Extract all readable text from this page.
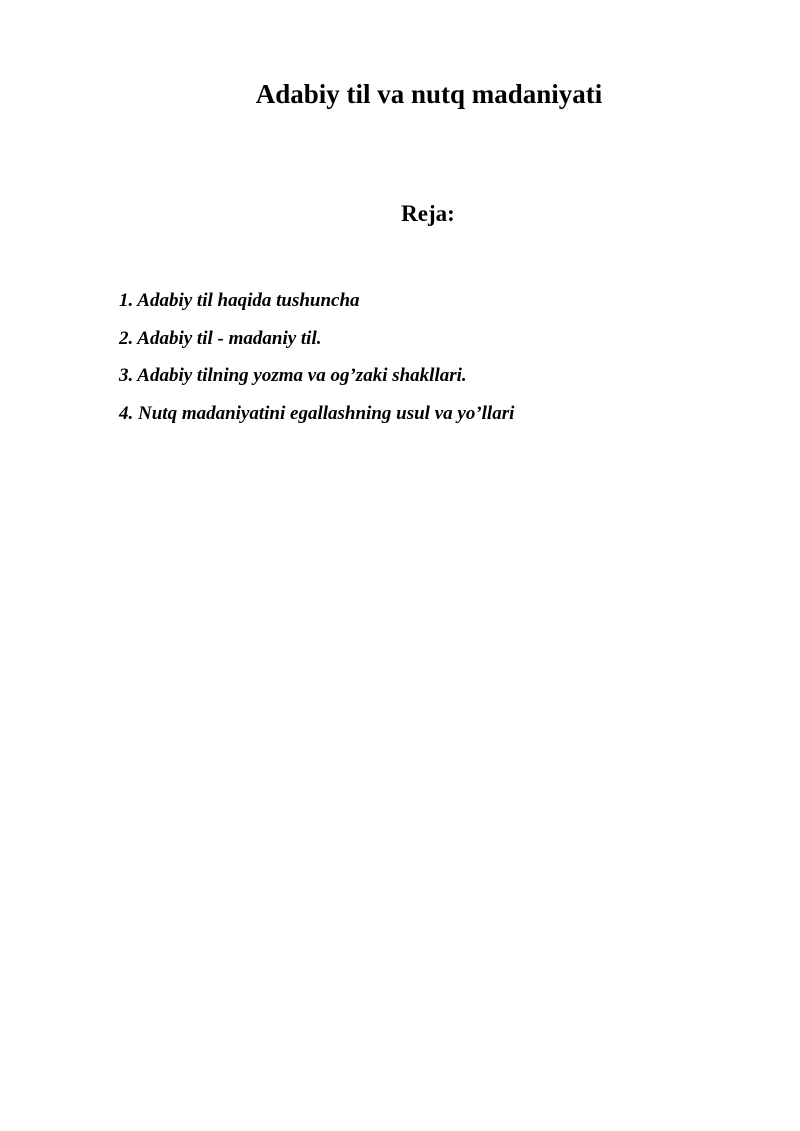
Adabiy til va nutq madaniyati
Reja:
1. Adabiy til haqida tushuncha
2. Adabiy til - madaniy til.
3. Adabiy tilning yozma va og’zaki shakllari.
4. Nutq madaniyatini egallashning usul va yo’llari
